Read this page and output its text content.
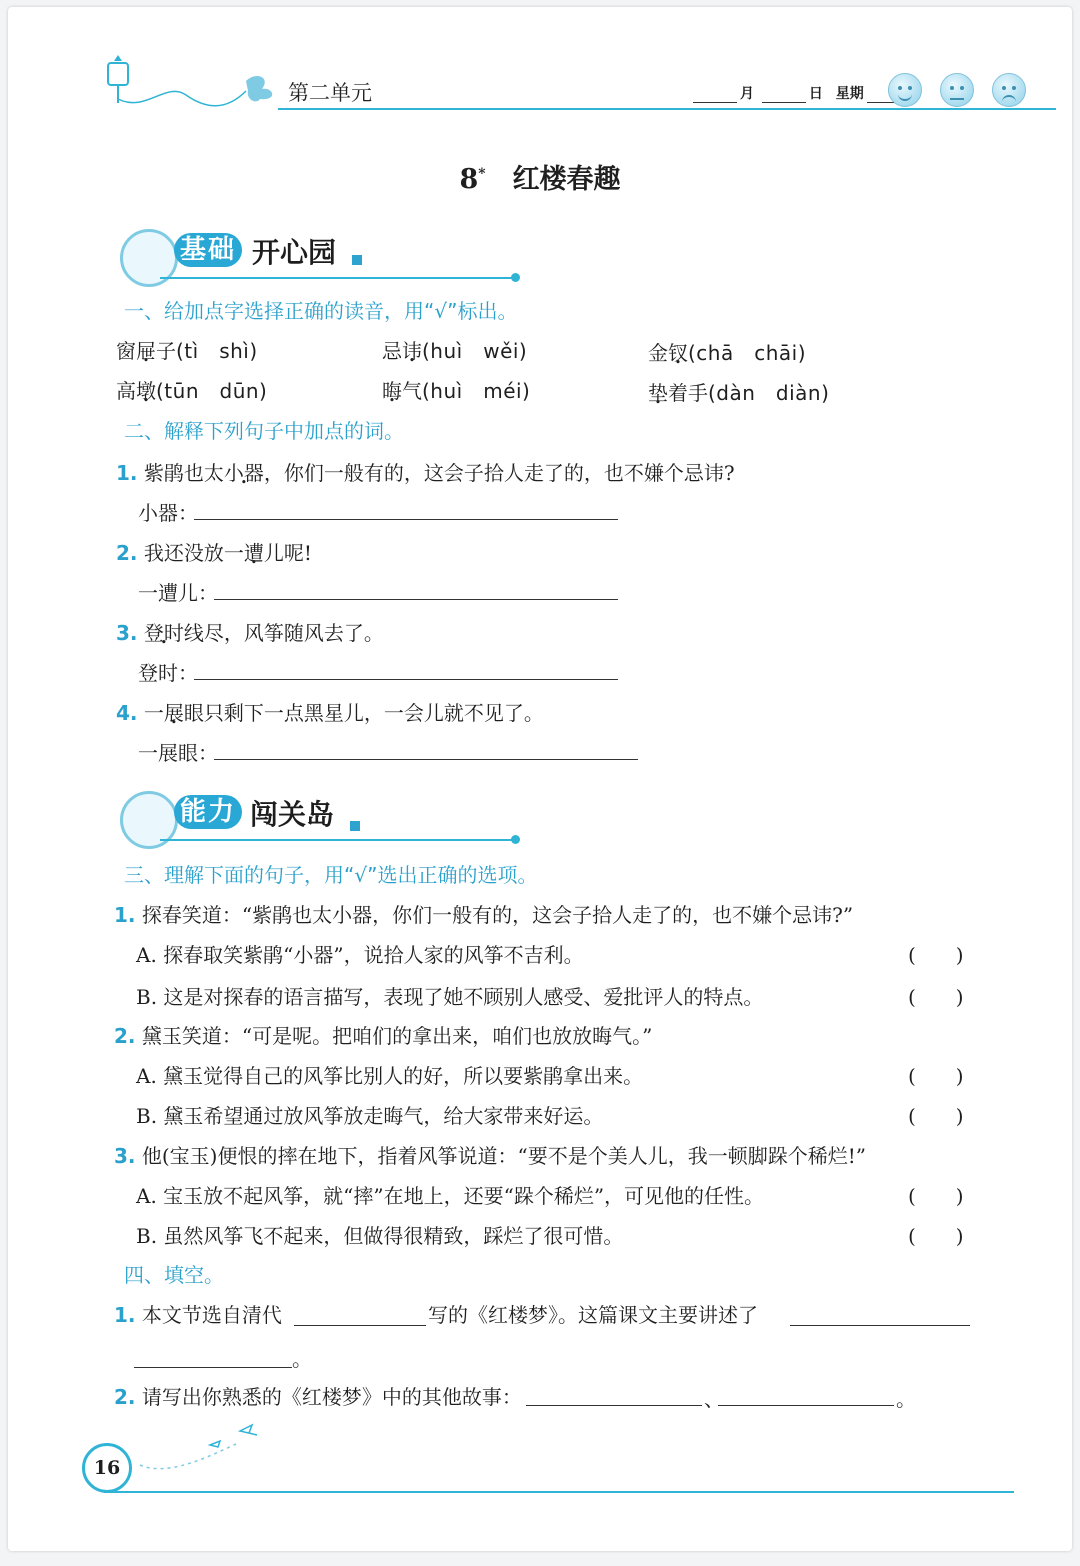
第二单元	月	日 星期
8*　 红楼春趣
基础 开心园
一、给加点字选择正确的读音，用“√”标出。
窗屉子(tì　shì)	忌讳(huì　wěi)	金钗(chā　chāi)
高墩(tūn　dūn)	晦气(huì　méi)	垫着手(dàn　diàn)
二、解释下列句子中加点的词。
1. 紫鹃也太小器，你们一般有的，这会子拾人走了的，也不嫌个忌讳?
小器：
2. 我还没放一遭儿呢!
一遭儿：
3. 登时线尽，风筝随风去了。
登时：
4. 一展眼只剩下一点黑星儿，一会儿就不见了。
一展眼：
能力 闯关岛
三、理解下面的句子，用“√”选出正确的选项。
1. 探春笑道：“紫鹃也太小器，你们一般有的，这会子拾人走了的，也不嫌个忌讳?”
A. 探春取笑紫鹃“小器”，说拾人家的风筝不吉利。	(　　)
B. 这是对探春的语言描写，表现了她不顾别人感受、爱批评人的特点。	(　　)
2. 黛玉笑道：“可是呢。把咱们的拿出来，咱们也放放晦气。”
A. 黛玉觉得自己的风筝比别人的好，所以要紫鹃拿出来。	(　　)
B. 黛玉希望通过放风筝放走晦气，给大家带来好运。	(　　)
3. 他(宝玉)便恨的摔在地下，指着风筝说道：“要不是个美人儿，我一顿脚跺个稀烂!”
A. 宝玉放不起风筝，就“摔”在地上，还要“跺个稀烂”，可见他的任性。	(　　)
B. 虽然风筝飞不起来，但做得很精致，踩烂了很可惜。	(　　)
四、填空。
1. 本文节选自清代	写的《红楼梦》。这篇课文主要讲述了
。
2. 请写出你熟悉的《红楼梦》中的其他故事：	、	。
16
